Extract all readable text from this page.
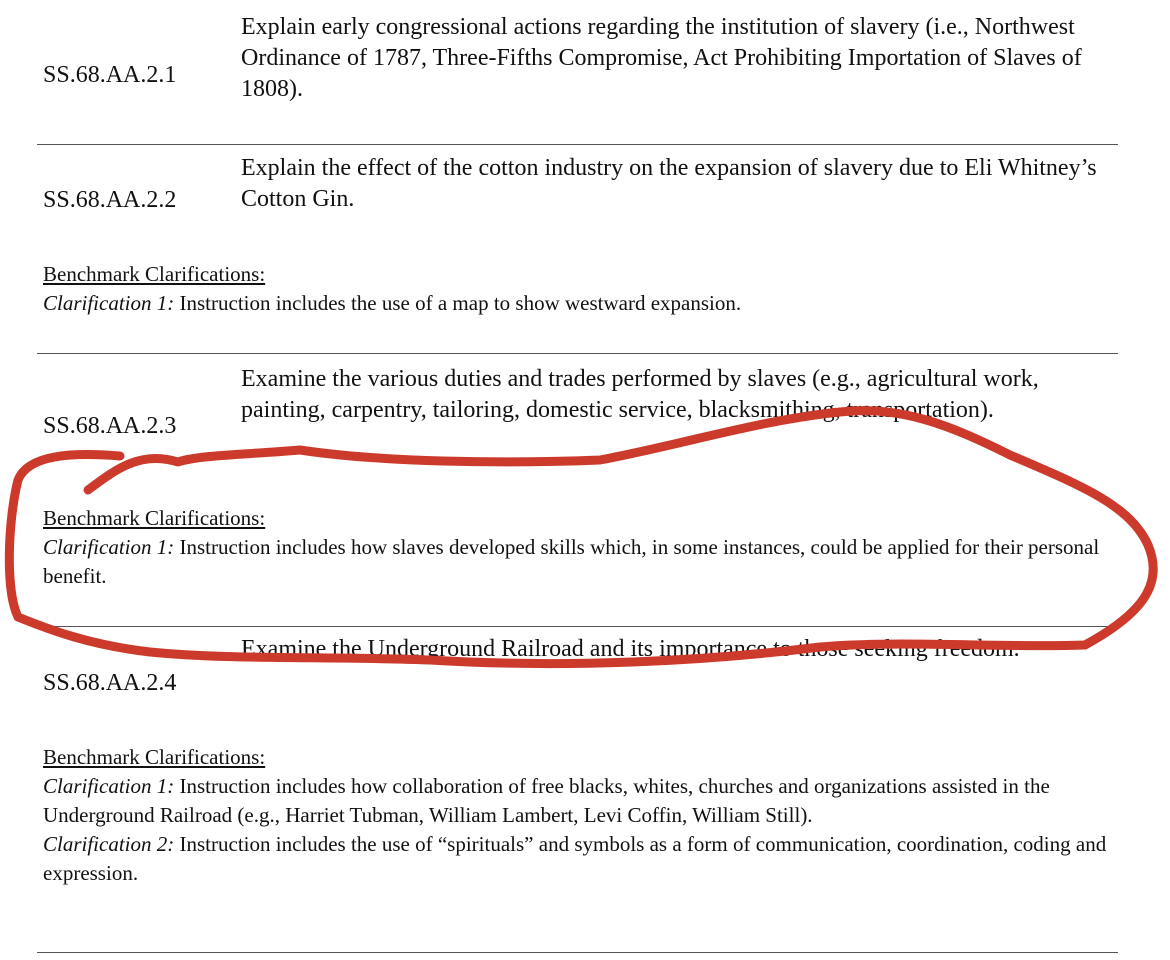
SS.68.AA.2.1
Explain early congressional actions regarding the institution of slavery (i.e., Northwest Ordinance of 1787, Three-Fifths Compromise, Act Prohibiting Importation of Slaves of 1808).
SS.68.AA.2.2
Explain the effect of the cotton industry on the expansion of slavery due to Eli Whitney’s Cotton Gin.
Benchmark Clarifications:
Clarification 1: Instruction includes the use of a map to show westward expansion.
SS.68.AA.2.3
Examine the various duties and trades performed by slaves (e.g., agricultural work, painting, carpentry, tailoring, domestic service, blacksmithing, transportation).
Benchmark Clarifications:
Clarification 1: Instruction includes how slaves developed skills which, in some instances, could be applied for their personal benefit.
SS.68.AA.2.4
Examine the Underground Railroad and its importance to those seeking freedom.
Benchmark Clarifications:
Clarification 1: Instruction includes how collaboration of free blacks, whites, churches and organizations assisted in the Underground Railroad (e.g., Harriet Tubman, William Lambert, Levi Coffin, William Still).
Clarification 2: Instruction includes the use of “spirituals” and symbols as a form of communication, coordination, coding and expression.
